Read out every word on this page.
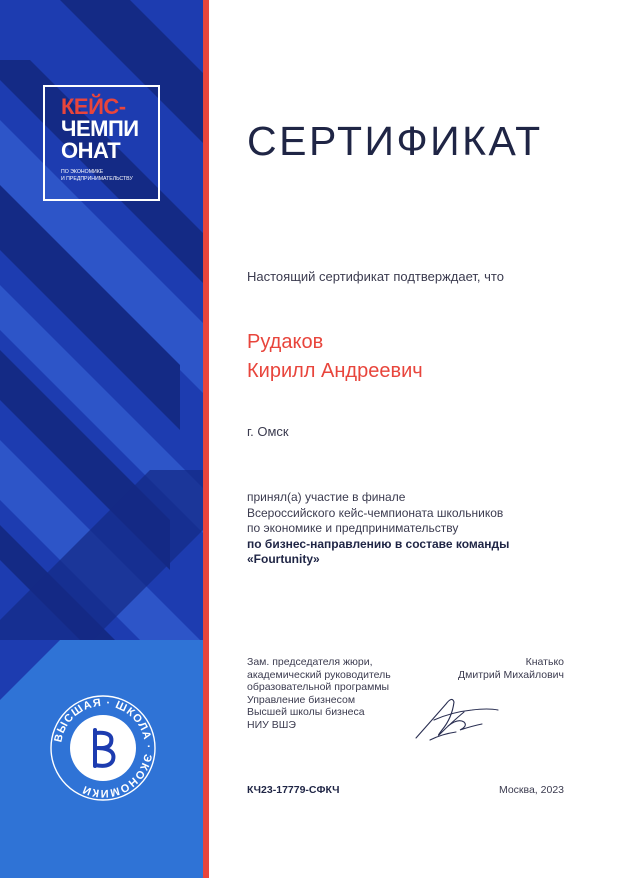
КЕЙС-
ЧЕМПИ
ОНАТ
ПО ЭКОНОМИКЕ
И ПРЕДПРИНИМАТЕЛЬСТВУ
ВЫСШАЯ · ШКОЛА · ЭКОНОМИКИ
СЕРТИФИКАТ
Настоящий сертификат подтверждает, что
Рудаков
Кирилл Андреевич
г. Омск
принял(а) участие в финале
Всероссийского кейс-чемпионата школьников
по экономике и предпринимательству
по бизнес-направлению в составе команды
«Fourtunity»
Зам. председателя жюри,
академический руководитель
образовательной программы
Управление бизнесом
Высшей школы бизнеса
НИУ ВШЭ
Кнатько
Дмитрий Михайлович
КЧ23-17779-СФКЧ	Москва, 2023
